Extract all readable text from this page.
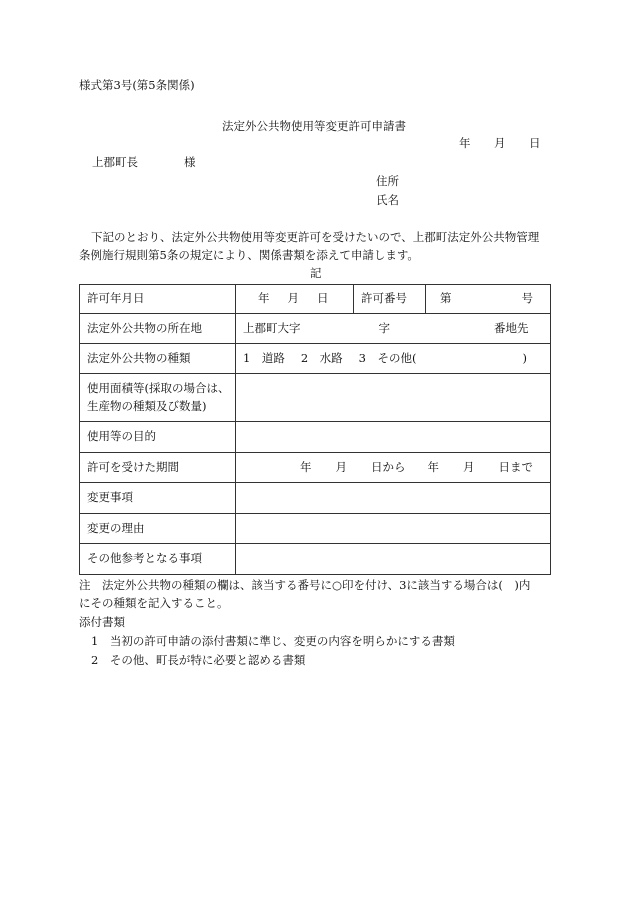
様式第3号(第5条関係)
法定外公共物使用等変更許可申請書
年 月 日
上郡町長	様
住所
氏名
下記のとおり、法定外公共物使用等変更許可を受けたいので、上郡町法定外公共物管理
条例施行規則第5条の規定により、関係書類を添えて申請します。
記
許可年月日	年 月 日	許可番号	第 号
法定外公共物の所在地	上郡町大字 字 番地先		
法定外公共物の種類	1　道路 2　水路 3　その他( )		

使用面積等(採取の場合は、
生産物の種類及び数量)			

使用等の目的			
許可を受けた期間	年 月 日から 年 月 日まで		
変更事項			
変更の理由			
その他参考となる事項			
注　法定外公共物の種類の欄は、該当する番号に○印を付け、3に該当する場合は(　)内
にその種類を記入すること。
添付書類
1　当初の許可申請の添付書類に準じ、変更の内容を明らかにする書類
2　その他、町長が特に必要と認める書類
